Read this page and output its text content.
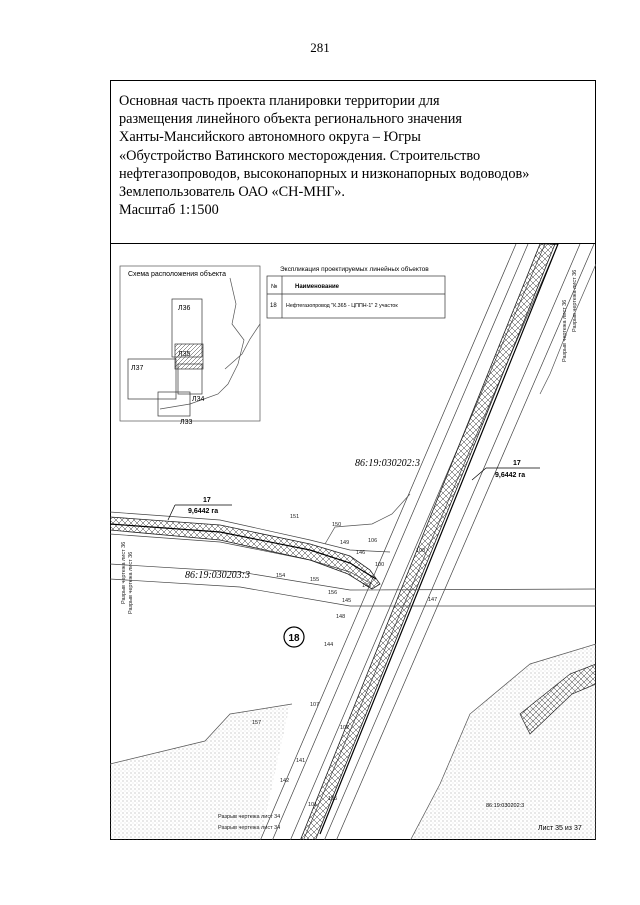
281
Основная часть проекта планировки территории для
размещения линейного объекта регионального значения
Ханты-Мансийского автономного округа – Югры
«Обустройство Ватинского месторождения. Строительство
нефтегазопроводов, высоконапорных и низконапорных водоводов»
Землепользователь ОАО «СН-МНГ».
Масштаб 1:1500
Схема расположения объекта
Л36
Л35
Л37
Л34
Л33
Экспликация проектируемых линейных объектов
№	Наименование
18 Нефтегазопровод "К.365 - ЦППН-1" 2 участок
86:19:030202:3
86:19:030203:3
17
9,6442 га
17
9,6442 га
18
151
150
149
146
154
155
156
145	147
148
144
143
157
141
142
107
106
108
100
102
101
105
Разрыв чертежа лист 36 Разрыв чертежа лист 36
Разрыв чертежа лист 36 Разрыв чертежа лист 36
Разрыв чертежа лист 34
Разрыв чертежа лист 34
86:19:030202:3
Лист 35 из 37
